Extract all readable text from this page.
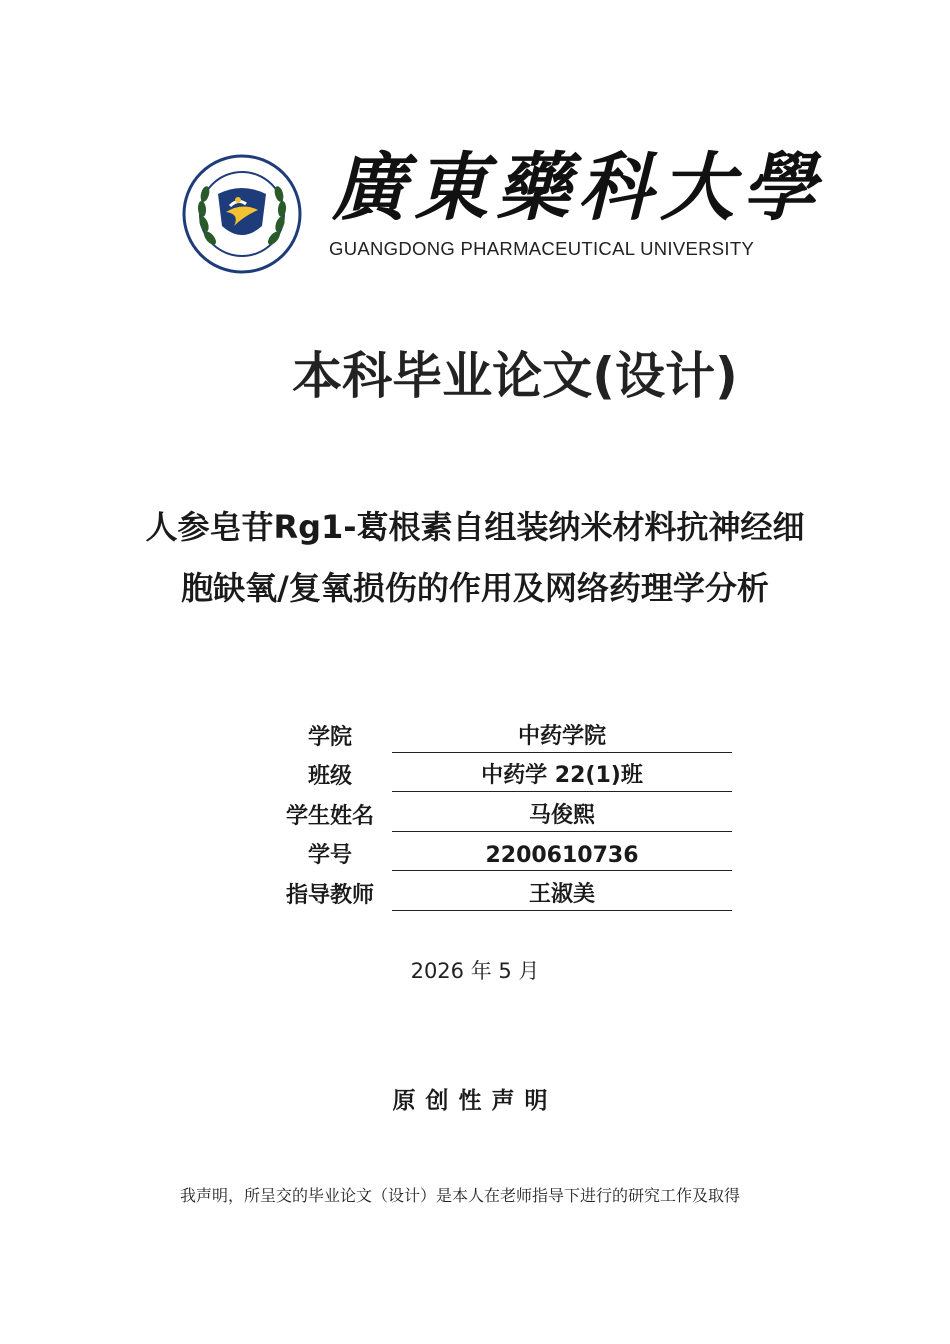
廣東藥科大學
GUANGDONG PHARMACEUTICAL UNIVERSITY
本科毕业论文(设计)
人参皂苷Rg1-葛根素自组装纳米材料抗神经细胞缺氧/复氧损伤的作用及网络药理学分析
学院	中药学院
班级	中药学 22(1)班
学生姓名	马俊熙
学号	2200610736
指导教师	王淑美
2026 年 5 月
原创性声明
我声明，所呈交的毕业论文（设计）是本人在老师指导下进行的研究工作及取得
